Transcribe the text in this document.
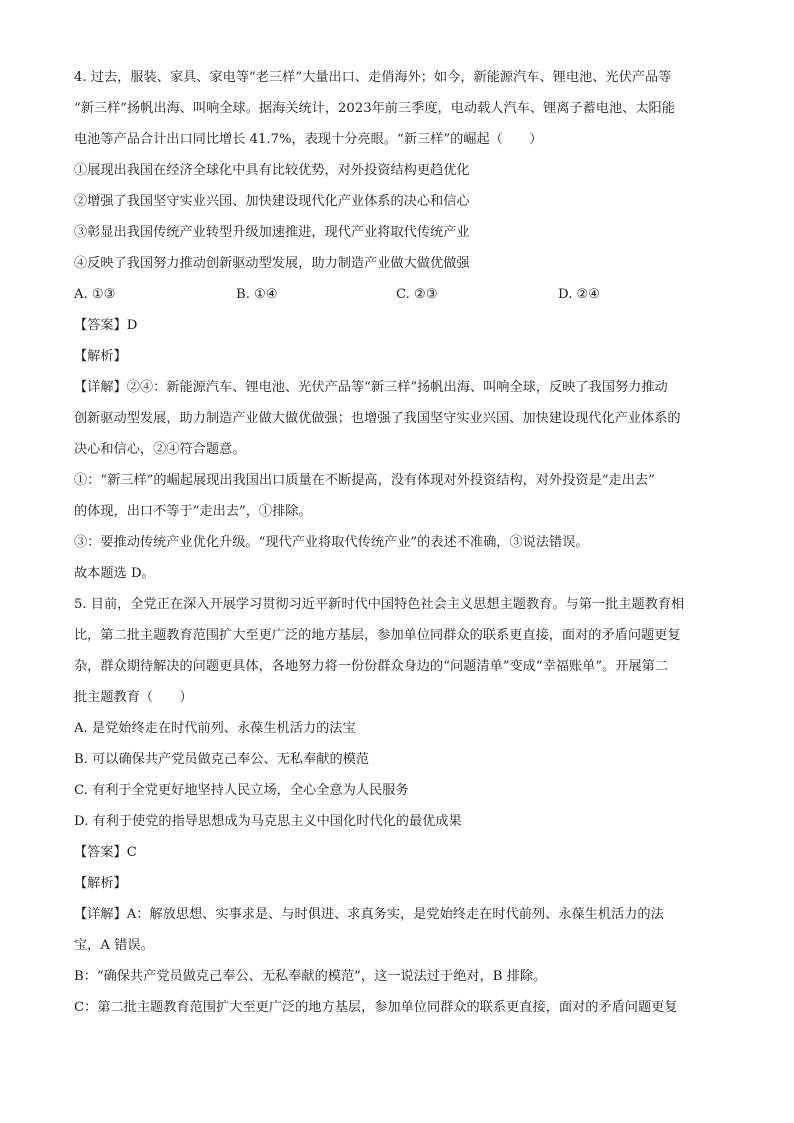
4. 过去，服装、家具、家电等“老三样”大量出口、走俏海外；如今，新能源汽车、锂电池、光伏产品等
“新三样”扬帆出海、叫响全球。据海关统计，2023年前三季度，电动载人汽车、锂离子蓄电池、太阳能
电池等产品合计出口同比增长 41.7%，表现十分亮眼。“新三样”的崛起（　　）
①展现出我国在经济全球化中具有比较优势，对外投资结构更趋优化
②增强了我国坚守实业兴国、加快建设现代化产业体系的决心和信心
③彰显出我国传统产业转型升级加速推进，现代产业将取代传统产业
④反映了我国努力推动创新驱动型发展，助力制造产业做大做优做强
A. ①③	B. ①④	C. ②③	D. ②④
【答案】D
【解析】
【详解】②④：新能源汽车、锂电池、光伏产品等“新三样”扬帆出海、叫响全球，反映了我国努力推动
创新驱动型发展，助力制造产业做大做优做强；也增强了我国坚守实业兴国、加快建设现代化产业体系的
决心和信心，②④符合题意。
①：“新三样”的崛起展现出我国出口质量在不断提高，没有体现对外投资结构，对外投资是“走出去”
的体现，出口不等于“走出去”，①排除。
③：要推动传统产业优化升级。“现代产业将取代传统产业”的表述不准确，③说法错误。
故本题选 D。
5. 目前，全党正在深入开展学习贯彻习近平新时代中国特色社会主义思想主题教育。与第一批主题教育相
比，第二批主题教育范围扩大至更广泛的地方基层，参加单位同群众的联系更直接，面对的矛盾问题更复
杂，群众期待解决的问题更具体，各地努力将一份份群众身边的“问题清单”变成“幸福账单”。开展第二
批主题教育（　　）
A. 是党始终走在时代前列、永葆生机活力的法宝
B. 可以确保共产党员做克己奉公、无私奉献的模范
C. 有利于全党更好地坚持人民立场，全心全意为人民服务
D. 有利于使党的指导思想成为马克思主义中国化时代化的最优成果
【答案】C
【解析】
【详解】A：解放思想、实事求是、与时俱进、求真务实，是党始终走在时代前列、永葆生机活力的法
宝，A 错误。
B：“确保共产党员做克己奉公、无私奉献的模范”，这一说法过于绝对，B 排除。
C：第二批主题教育范围扩大至更广泛的地方基层，参加单位同群众的联系更直接，面对的矛盾问题更复
